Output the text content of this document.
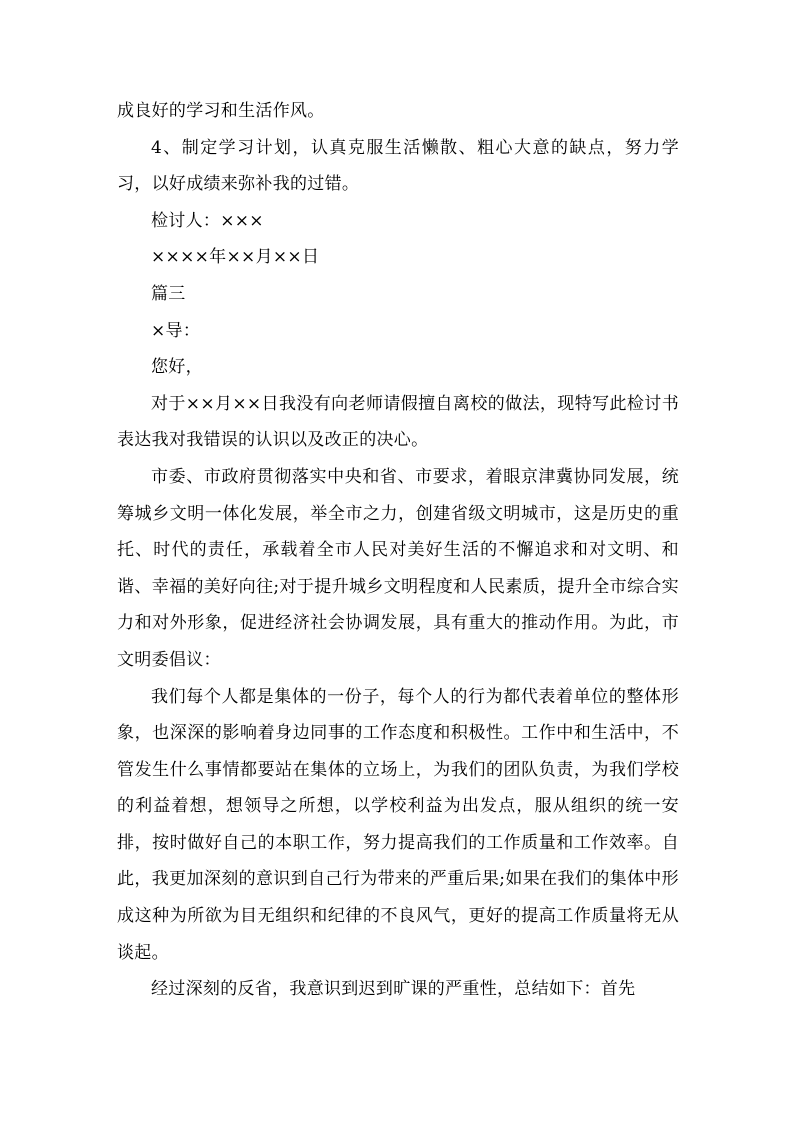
成良好的学习和生活作风。

4、制定学习计划，认真克服生活懒散、粗心大意的缺点，努力学习，以好成绩来弥补我的过错。

检讨人：×××

××××年××月××日

篇三

×导：

您好，

对于××月××日我没有向老师请假擅自离校的做法，现特写此检讨书表达我对我错误的认识以及改正的决心。

市委、市政府贯彻落实中央和省、市要求，着眼京津冀协同发展，统筹城乡文明一体化发展，举全市之力，创建省级文明城市，这是历史的重托、时代的责任，承载着全市人民对美好生活的不懈追求和对文明、和谐、幸福的美好向往;对于提升城乡文明程度和人民素质，提升全市综合实力和对外形象，促进经济社会协调发展，具有重大的推动作用。为此，市文明委倡议：

我们每个人都是集体的一份子，每个人的行为都代表着单位的整体形象，也深深的影响着身边同事的工作态度和积极性。工作中和生活中，不管发生什么事情都要站在集体的立场上，为我们的团队负责，为我们学校的利益着想，想领导之所想，以学校利益为出发点，服从组织的统一安排，按时做好自己的本职工作，努力提高我们的工作质量和工作效率。自此，我更加深刻的意识到自己行为带来的严重后果;如果在我们的集体中形成这种为所欲为目无组织和纪律的不良风气，更好的提高工作质量将无从谈起。

经过深刻的反省，我意识到迟到旷课的严重性，总结如下：首先
